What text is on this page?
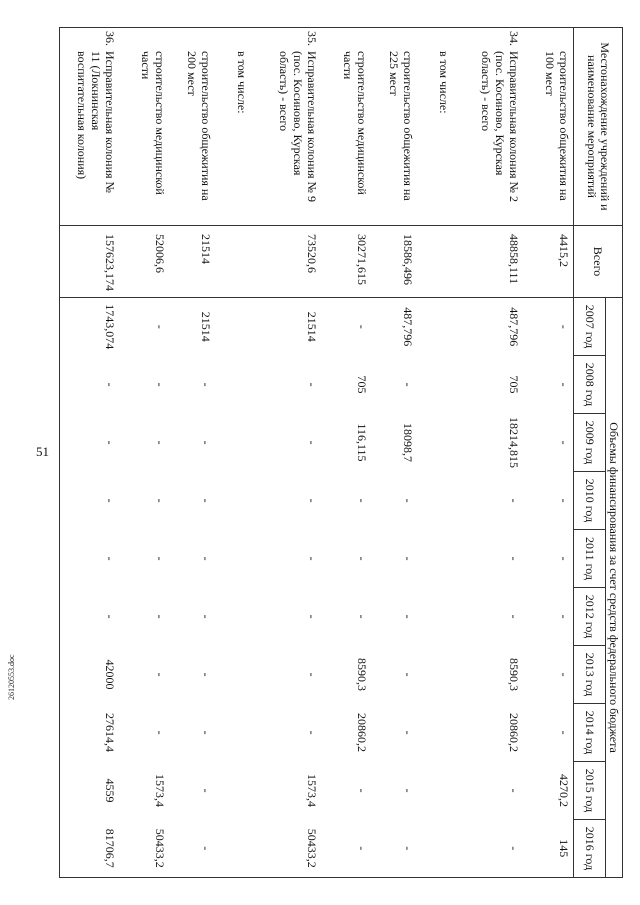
51
26120553.doc
Местонахождение учреждений и наименование мероприятий	Всего	Объемы финансирования за счет средств федерального бюджета									
		2007 год	2008 год	2009 год	2010 год	2011 год	2012 год	2013 год	2014 год	2015 год	2016 год
строительство общежития на 100 мест	4415,2	-	-	-	-	-	-	-	-	4270,2	145
34.Исправительная колония № 2 (пос. Косиново, Курская область) - всего	48858,111	487,796	705	18214,815	-	-	-	8590,3	20860,2	-	-
в том числе:											
строительство общежития на 225 мест	18586,496	487,796	-	18098,7	-	-	-	-	-	-	-
строительство медицинской части	30271,615	-	705	116,115	-	-	-	8590,3	20860,2	-	-
35.Исправительная колония № 9 (пос. Косиново, Курская область) - всего	73520,6	21514	-	-	-	-	-	-	-	1573,4	50433,2
в том числе:											
строительство общежития на 200 мест	21514	21514	-	-	-	-	-	-	-	-	-
строительство медицинской части	52006,6	-	-	-	-	-	-	-	-	1573,4	50433,2
36.Исправительная колония № 11 (Локнинская воспитательная колония)	157623,174	1743,074	-	-	-	-	-	42000	27614,4	4559	81706,7
